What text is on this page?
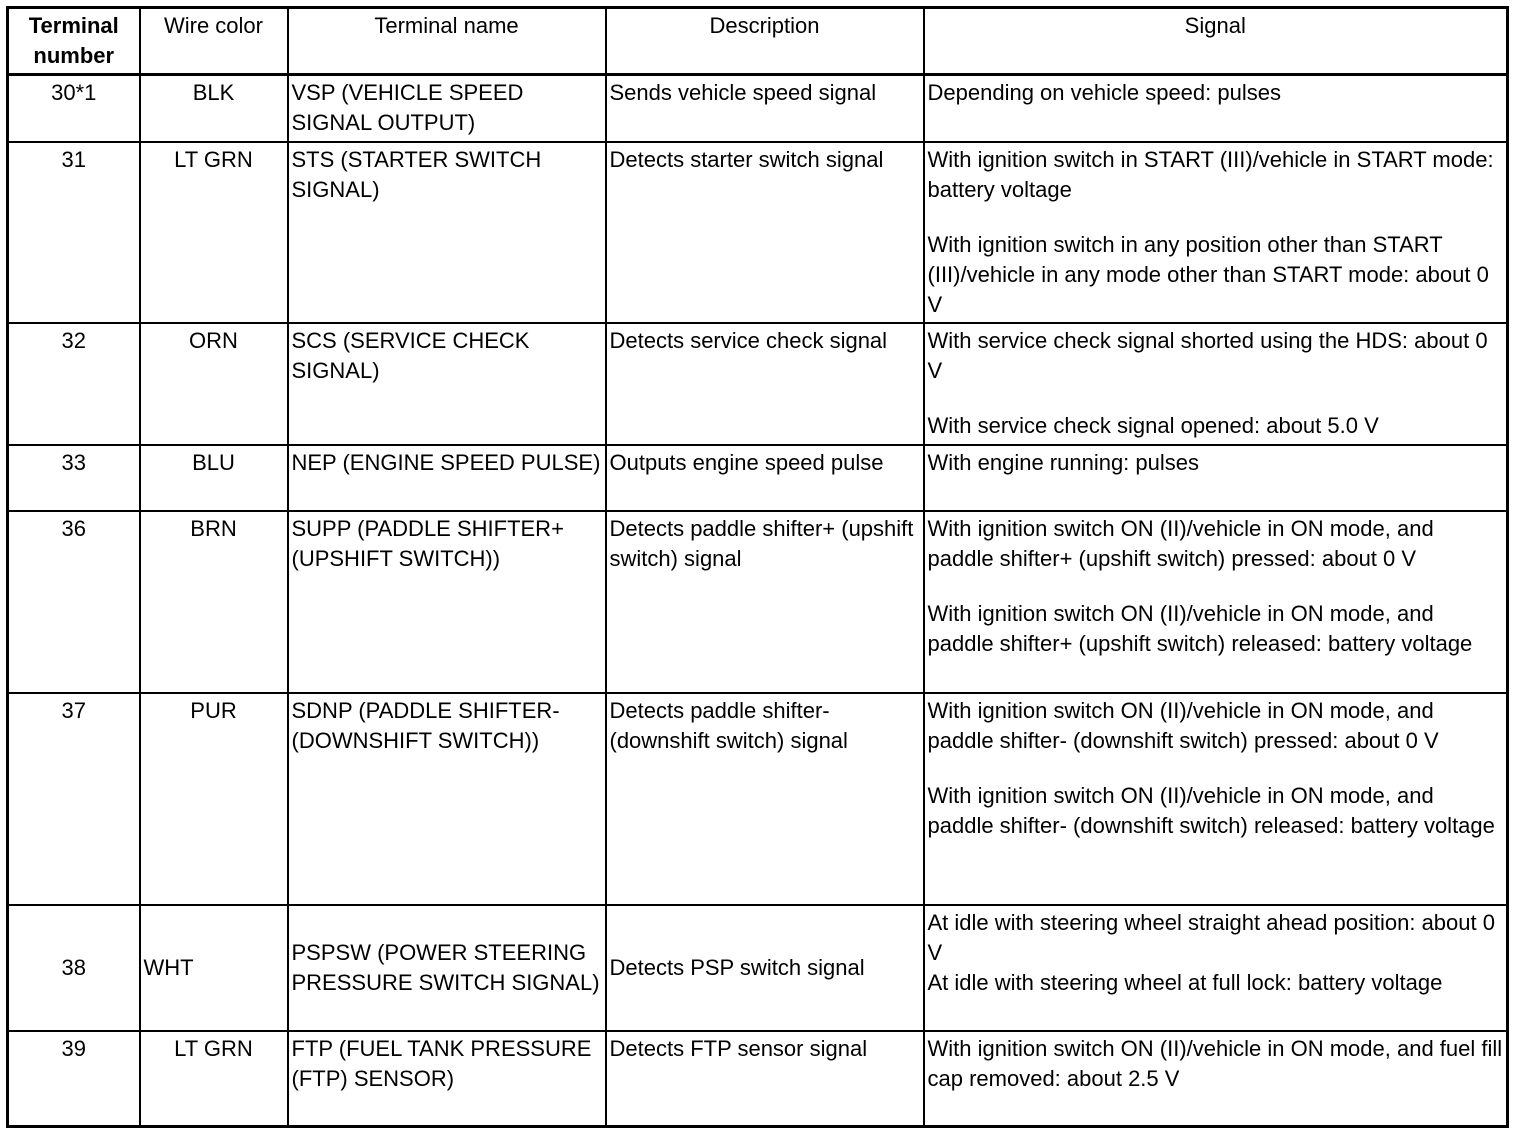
Terminal number	Wire color	Terminal name	Description	Signal
30*1	BLK	VSP (VEHICLE SPEED SIGNAL OUTPUT)	Sends vehicle speed signal	Depending on vehicle speed: pulses

31	LT GRN	STS (STARTER SWITCH SIGNAL)	Detects starter switch signal	With ignition switch in START (III)/vehicle in START mode: battery voltage

With ignition switch in any position other than START (III)/vehicle in any mode other than START mode: about 0 V

32	ORN	SCS (SERVICE CHECK SIGNAL)	Detects service check signal	With service check signal shorted using the HDS: about 0 V

With service check signal opened: about 5.0 V

33	BLU	NEP (ENGINE SPEED PULSE)	Outputs engine speed pulse	With engine running: pulses

36	BRN	SUPP (PADDLE SHIFTER+ (UPSHIFT SWITCH))	Detects paddle shifter+ (upshift switch) signal	With ignition switch ON (II)/vehicle in ON mode, and paddle shifter+ (upshift switch) pressed: about 0 V

With ignition switch ON (II)/vehicle in ON mode, and paddle shifter+ (upshift switch) released: battery voltage

37	PUR	SDNP (PADDLE SHIFTER- (DOWNSHIFT SWITCH))	Detects paddle shifter- (downshift switch) signal	With ignition switch ON (II)/vehicle in ON mode, and paddle shifter- (downshift switch) pressed: about 0 V

With ignition switch ON (II)/vehicle in ON mode, and paddle shifter- (downshift switch) released: battery voltage

38	WHT	PSPSW (POWER STEERING PRESSURE SWITCH SIGNAL)	Detects PSP switch signal	At idle with steering wheel straight ahead position: about 0 V

At idle with steering wheel at full lock: battery voltage

39	LT GRN	FTP (FUEL TANK PRESSURE (FTP) SENSOR)	Detects FTP sensor signal	With ignition switch ON (II)/vehicle in ON mode, and fuel fill cap removed: about 2.5 V
